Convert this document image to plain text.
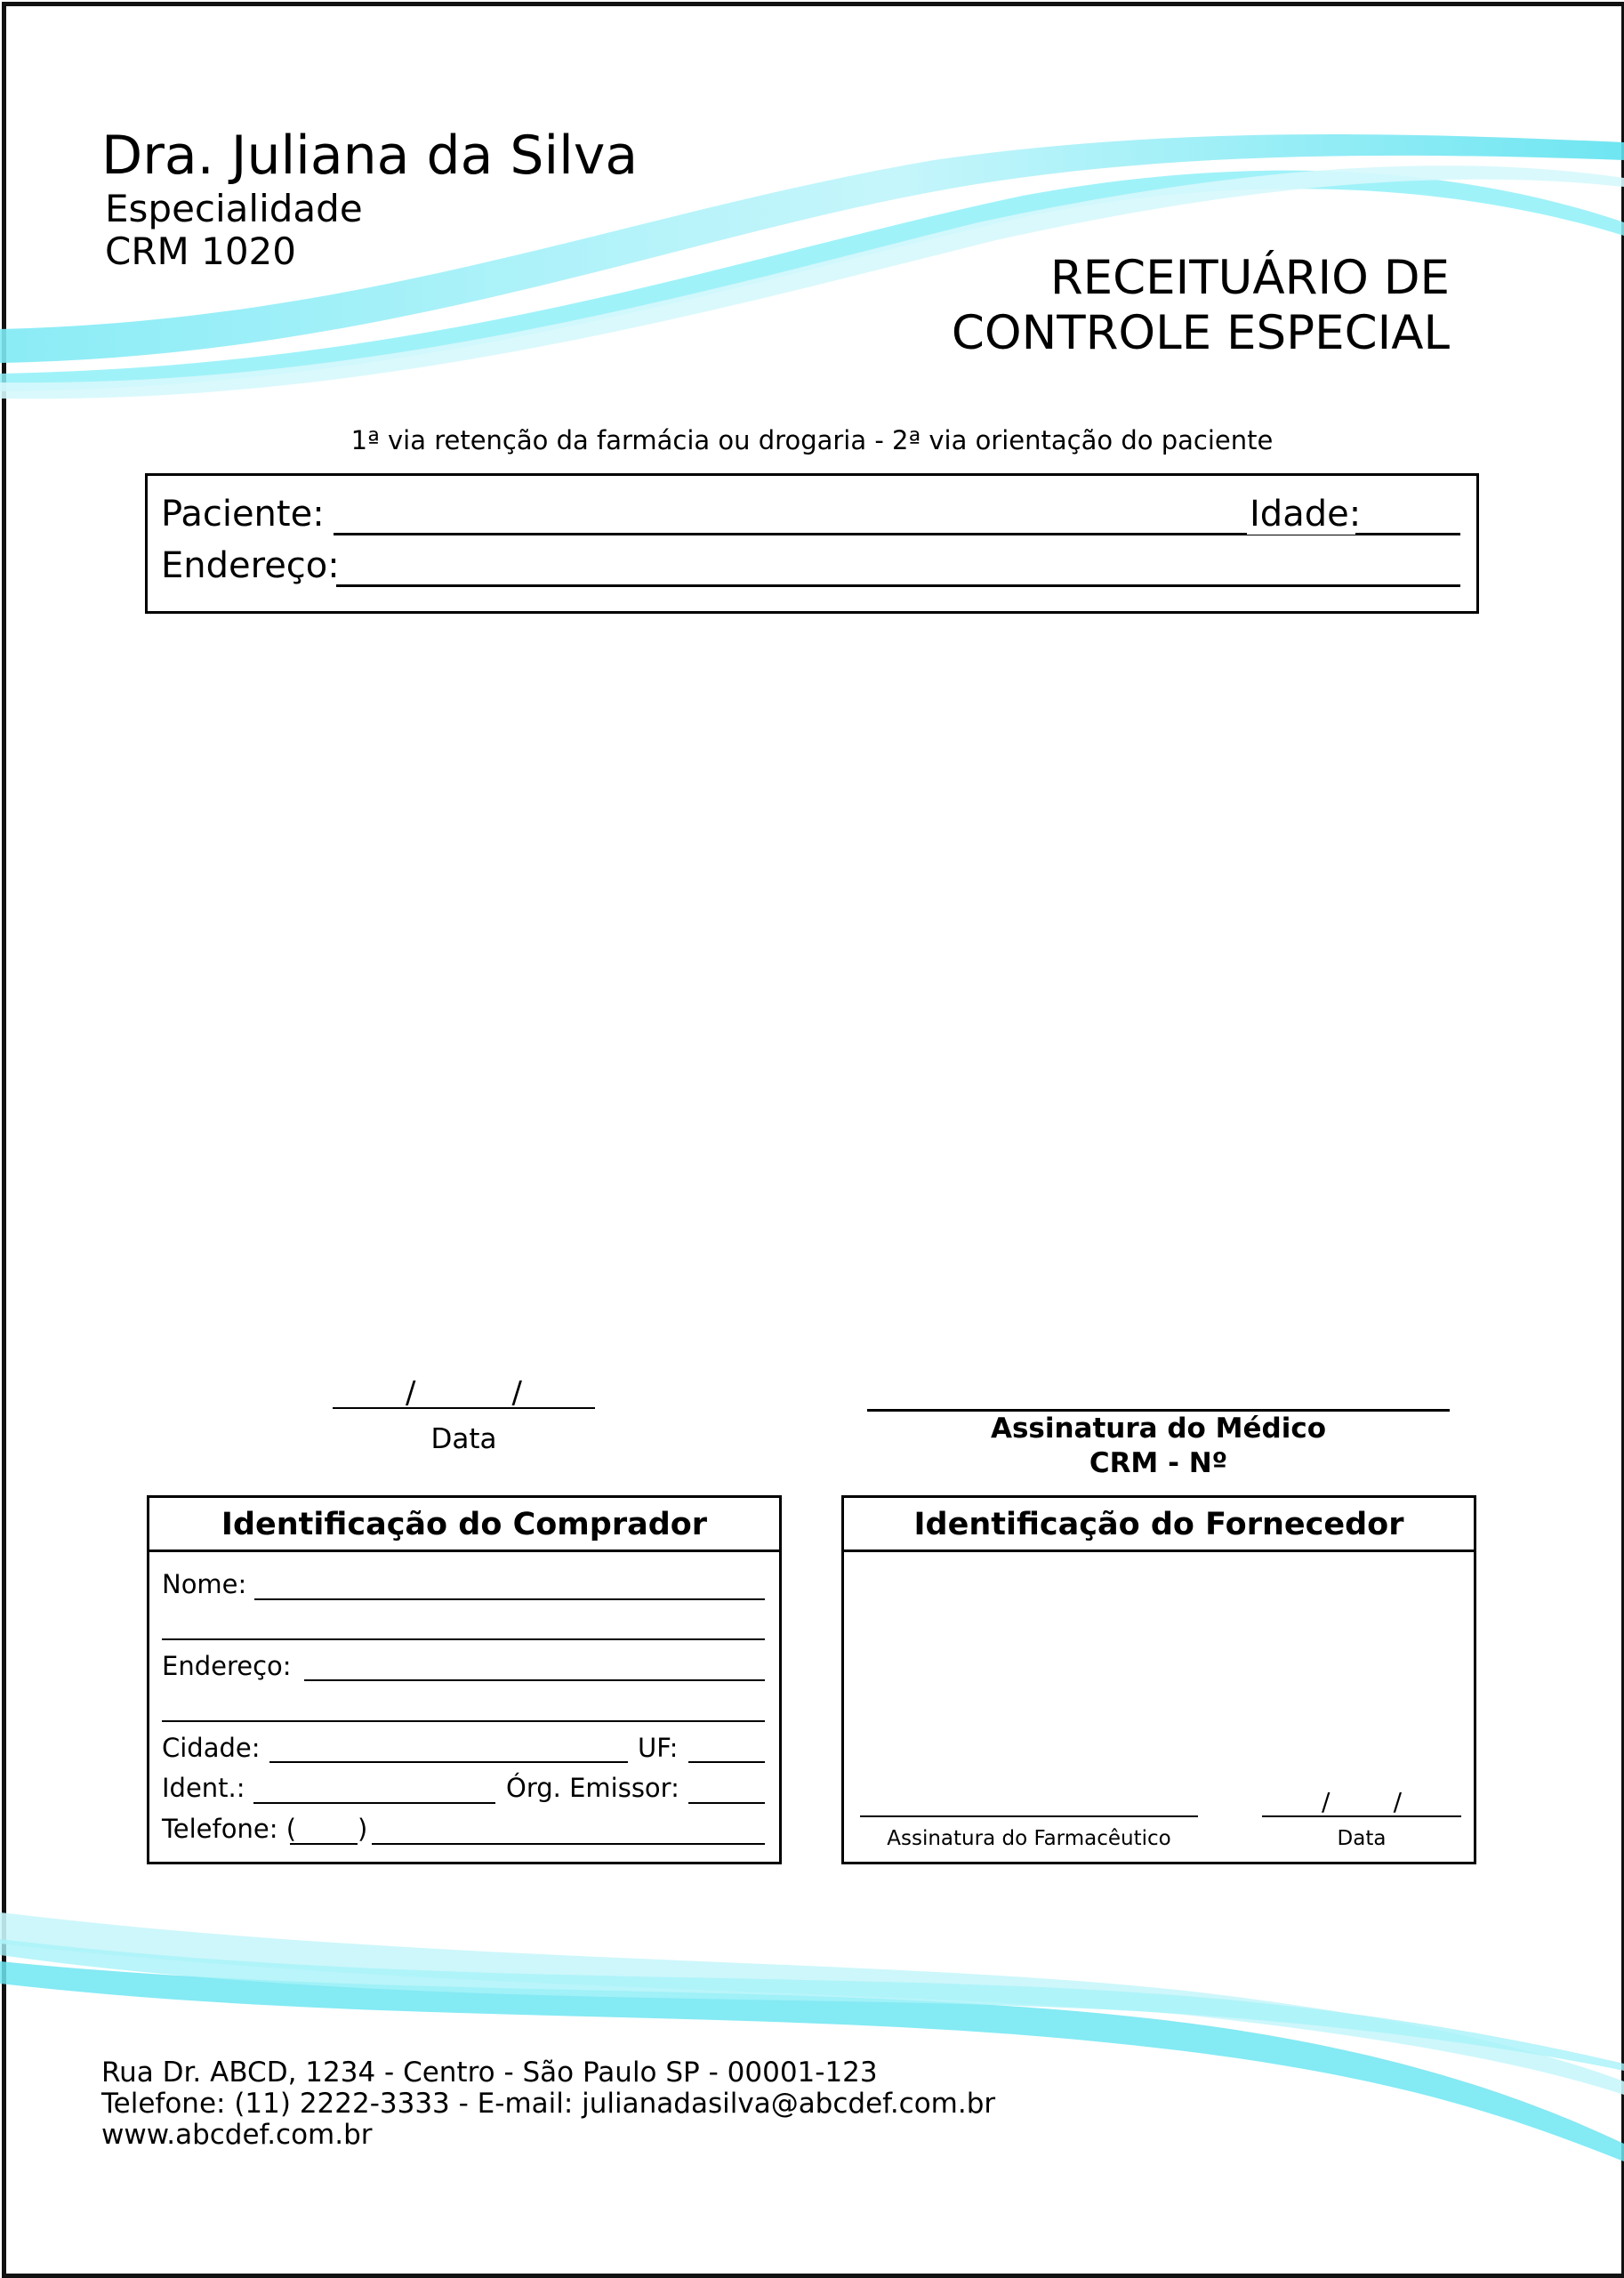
Dra. Juliana da Silva
Especialidade
CRM 1020	RECEITUÁRIO DE
CONTROLE ESPECIAL
1ª via retenção da farmácia ou drogaria - 2ª via orientação do paciente
Paciente:	Idade:
Endereço:
/          /
Data	Assinatura do Médico
CRM - Nº
Identificação do Comprador
Nome:
Endereço:
Cidade:	UF:
Ident.:	Órg. Emissor:
Telefone: ( )
Identificação do Fornecedor
Assinatura do Farmacêutico
/        /
Data
Rua Dr. ABCD, 1234 - Centro - São Paulo SP - 00001-123
Telefone: (11) 2222-3333 - E-mail: julianadasilva@abcdef.com.br
www.abcdef.com.br
